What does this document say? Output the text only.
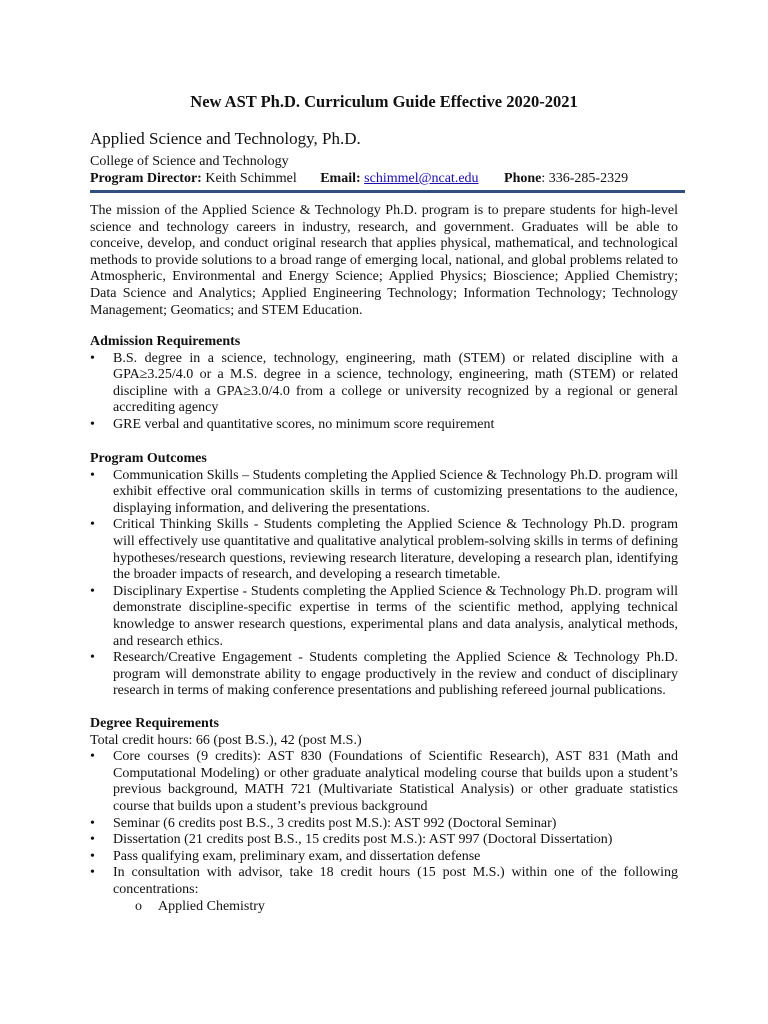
New AST Ph.D. Curriculum Guide Effective 2020-2021
Applied Science and Technology, Ph.D.
College of Science and Technology
Program Director: Keith Schimmel Email: schimmel@ncat.edu Phone: 336-285-2329

The mission of the Applied Science & Technology Ph.D. program is to prepare students for high-level science and technology careers in industry, research, and government. Graduates will be able to conceive, develop, and conduct original research that applies physical, mathematical, and technological methods to provide solutions to a broad range of emerging local, national, and global problems related to Atmospheric, Environmental and Energy Science; Applied Physics; Bioscience; Applied Chemistry; Data Science and Analytics; Applied Engineering Technology; Information Technology; Technology Management; Geomatics; and STEM Education.

Admission Requirements

• B.S. degree in a science, technology, engineering, math (STEM) or related discipline with a GPA≥3.25/4.0 or a M.S. degree in a science, technology, engineering, math (STEM) or related discipline with a GPA≥3.0/4.0 from a college or university recognized by a regional or general accrediting agency
• GRE verbal and quantitative scores, no minimum score requirement

Program Outcomes

• Communication Skills – Students completing the Applied Science & Technology Ph.D. program will exhibit effective oral communication skills in terms of customizing presentations to the audience, displaying information, and delivering the presentations.
• Critical Thinking Skills - Students completing the Applied Science & Technology Ph.D. program will effectively use quantitative and qualitative analytical problem-solving skills in terms of defining hypotheses/research questions, reviewing research literature, developing a research plan, identifying the broader impacts of research, and developing a research timetable.
• Disciplinary Expertise - Students completing the Applied Science & Technology Ph.D. program will demonstrate discipline-specific expertise in terms of the scientific method, applying technical knowledge to answer research questions, experimental plans and data analysis, analytical methods, and research ethics.
• Research/Creative Engagement - Students completing the Applied Science & Technology Ph.D. program will demonstrate ability to engage productively in the review and conduct of disciplinary research in terms of making conference presentations and publishing refereed journal publications.

Degree Requirements

Total credit hours: 66 (post B.S.), 42 (post M.S.)

• Core courses (9 credits): AST 830 (Foundations of Scientific Research), AST 831 (Math and Computational Modeling) or other graduate analytical modeling course that builds upon a student’s previous background, MATH 721 (Multivariate Statistical Analysis) or other graduate statistics course that builds upon a student’s previous background
• Seminar (6 credits post B.S., 3 credits post M.S.): AST 992 (Doctoral Seminar)
• Dissertation (21 credits post B.S., 15 credits post M.S.): AST 997 (Doctoral Dissertation)
• Pass qualifying exam, preliminary exam, and dissertation defense
• In consultation with advisor, take 18 credit hours (15 post M.S.) within one of the following concentrations:
o Applied Chemistry
